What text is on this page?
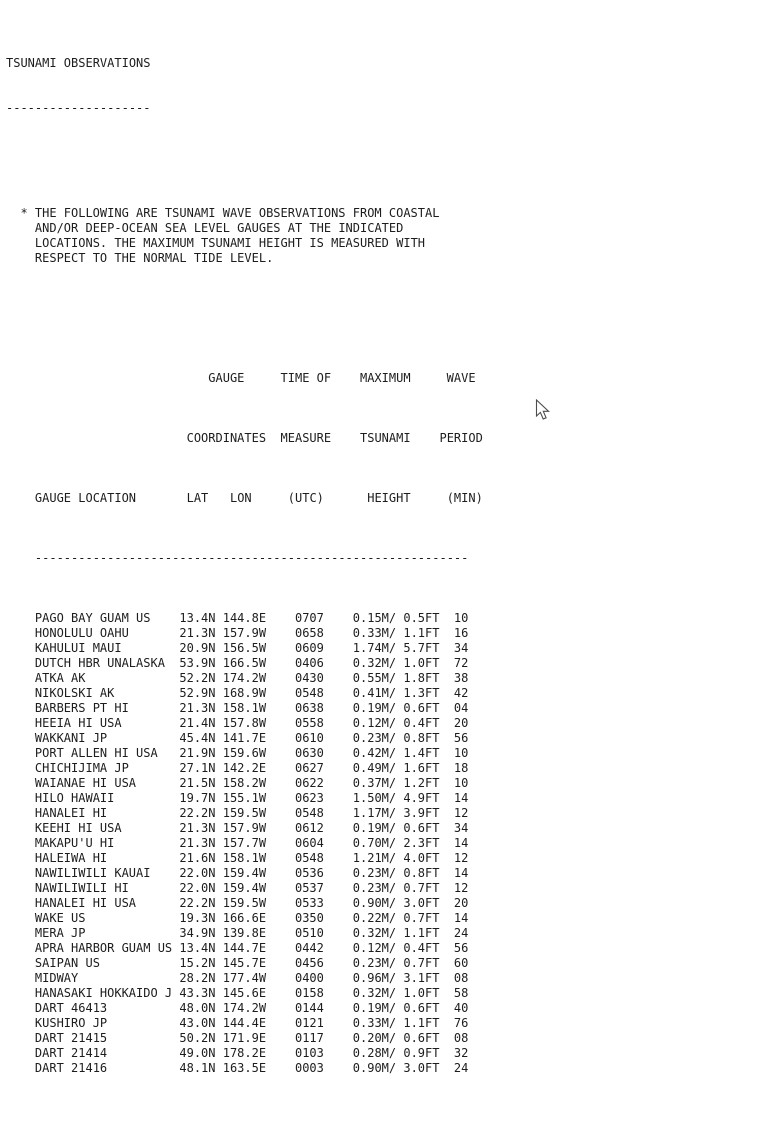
TSUNAMI OBSERVATIONS

--------------------

* THE FOLLOWING ARE TSUNAMI WAVE OBSERVATIONS FROM COASTAL
AND/OR DEEP-OCEAN SEA LEVEL GAUGES AT THE INDICATED
LOCATIONS. THE MAXIMUM TSUNAMI HEIGHT IS MEASURED WITH
RESPECT TO THE NORMAL TIDE LEVEL.

GAUGE	TIME OF MAXIMUM	WAVE

COORDINATES MEASURE TSUNAMI PERIOD

GAUGE LOCATION	LAT LON	(UTC)	HEIGHT	(MIN)

------------------------------------------------------------

PAGO BAY GUAM US 13.4N 144.8E 0707 0.15M/ 0.5FT 10
HONOLULU OAHU	21.3N 157.9W 0658 0.33M/ 1.1FT 16
KAHULUI MAUI	20.9N 156.5W 0609 1.74M/ 5.7FT 34
DUTCH HBR UNALASKA 53.9N 166.5W 0406 0.32M/ 1.0FT 72
ATKA AK	52.2N 174.2W 0430 0.55M/ 1.8FT 38
NIKOLSKI AK	52.9N 168.9W 0548 0.41M/ 1.3FT 42
BARBERS PT HI	21.3N 158.1W 0638 0.19M/ 0.6FT 04
HEEIA HI USA	21.4N 157.8W 0558 0.12M/ 0.4FT 20
WAKKANI JP	45.4N 141.7E 0610 0.23M/ 0.8FT 56
PORT ALLEN HI USA 21.9N 159.6W 0630 0.42M/ 1.4FT 10
CHICHIJIMA JP	27.1N 142.2E 0627 0.49M/ 1.6FT 18
WAIANAE HI USA	21.5N 158.2W 0622 0.37M/ 1.2FT 10
HILO HAWAII	19.7N 155.1W 0623 1.50M/ 4.9FT 14
HANALEI HI	22.2N 159.5W 0548 1.17M/ 3.9FT 12
KEEHI HI USA	21.3N 157.9W 0612 0.19M/ 0.6FT 34
MAKAPU'U HI	21.3N 157.7W 0604 0.70M/ 2.3FT 14
HALEIWA HI	21.6N 158.1W 0548 1.21M/ 4.0FT 12
NAWILIWILI KAUAI 22.0N 159.4W 0536 0.23M/ 0.8FT 14
NAWILIWILI HI	22.0N 159.4W 0537 0.23M/ 0.7FT 12
HANALEI HI USA	22.2N 159.5W 0533 0.90M/ 3.0FT 20
WAKE US	19.3N 166.6E 0350 0.22M/ 0.7FT 14
MERA JP	34.9N 139.8E 0510 0.32M/ 1.1FT 24
APRA HARBOR GUAM US 13.4N 144.7E 0442 0.12M/ 0.4FT 56
SAIPAN US	15.2N 145.7E 0456 0.23M/ 0.7FT 60
MIDWAY	28.2N 177.4W 0400 0.96M/ 3.1FT 08
HANASAKI HOKKAIDO J 43.3N 145.6E 0158 0.32M/ 1.0FT 58
DART 46413	48.0N 174.2W 0144 0.19M/ 0.6FT 40
KUSHIRO JP	43.0N 144.4E 0121 0.33M/ 1.1FT 76
DART 21415	50.2N 171.9E 0117 0.20M/ 0.6FT 08
DART 21414	49.0N 178.2E 0103 0.28M/ 0.9FT 32
DART 21416	48.1N 163.5E 0003 0.90M/ 3.0FT 24
